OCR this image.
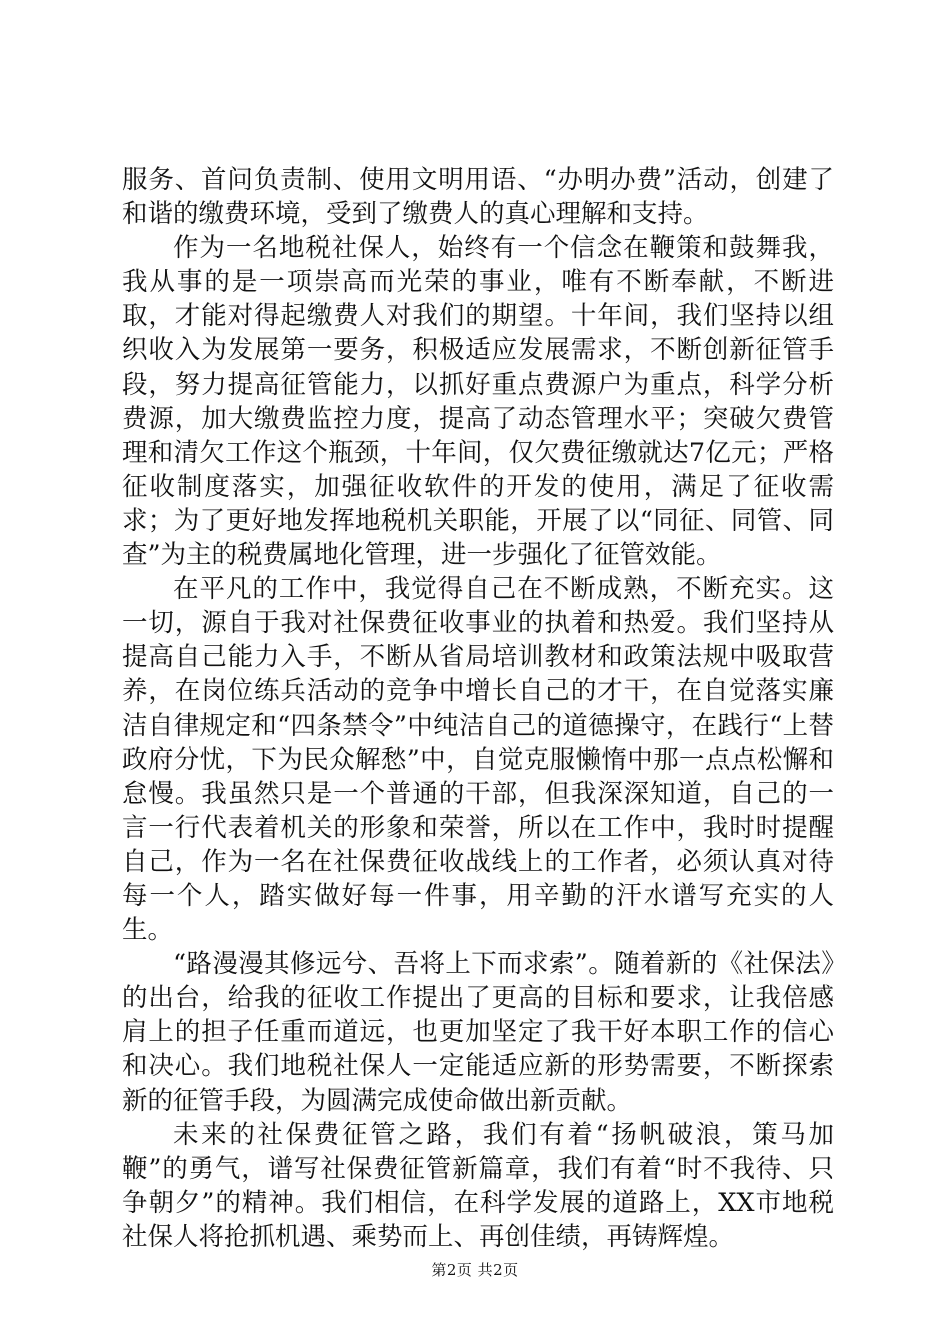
服务、首问负责制、使用文明用语、“办明办费”活动，创建了和谐的缴费环境，受到了缴费人的真心理解和支持。

作为一名地税社保人，始终有一个信念在鞭策和鼓舞我，我从事的是一项崇高而光荣的事业，唯有不断奉献，不断进取，才能对得起缴费人对我们的期望。十年间，我们坚持以组织收入为发展第一要务，积极适应发展需求，不断创新征管手段，努力提高征管能力，以抓好重点费源户为重点，科学分析费源，加大缴费监控力度，提高了动态管理水平；突破欠费管理和清欠工作这个瓶颈，十年间，仅欠费征缴就达7亿元；严格征收制度落实，加强征收软件的开发的使用，满足了征收需求；为了更好地发挥地税机关职能，开展了以“同征、同管、同查”为主的税费属地化管理，进一步强化了征管效能。

在平凡的工作中，我觉得自己在不断成熟，不断充实。这一切，源自于我对社保费征收事业的执着和热爱。我们坚持从提高自己能力入手，不断从省局培训教材和政策法规中吸取营养，在岗位练兵活动的竞争中增长自己的才干，在自觉落实廉洁自律规定和“四条禁令”中纯洁自己的道德操守，在践行“上替政府分忧，下为民众解愁”中，自觉克服懒惰中那一点点松懈和怠慢。我虽然只是一个普通的干部，但我深深知道，自己的一言一行代表着机关的形象和荣誉，所以在工作中，我时时提醒自己，作为一名在社保费征收战线上的工作者，必须认真对待每一个人，踏实做好每一件事，用辛勤的汗水谱写充实的人生。

“路漫漫其修远兮、吾将上下而求索”。随着新的《社保法》的出台，给我的征收工作提出了更高的目标和要求，让我倍感肩上的担子任重而道远，也更加坚定了我干好本职工作的信心和决心。我们地税社保人一定能适应新的形势需要，不断探索新的征管手段，为圆满完成使命做出新贡献。

未来的社保费征管之路，我们有着“扬帆破浪，策马加鞭”的勇气，谱写社保费征管新篇章，我们有着“时不我待、只争朝夕”的精神。我们相信，在科学发展的道路上，XX市地税社保人将抢抓机遇、乘势而上、再创佳绩，再铸辉煌。

第2页 共2页
